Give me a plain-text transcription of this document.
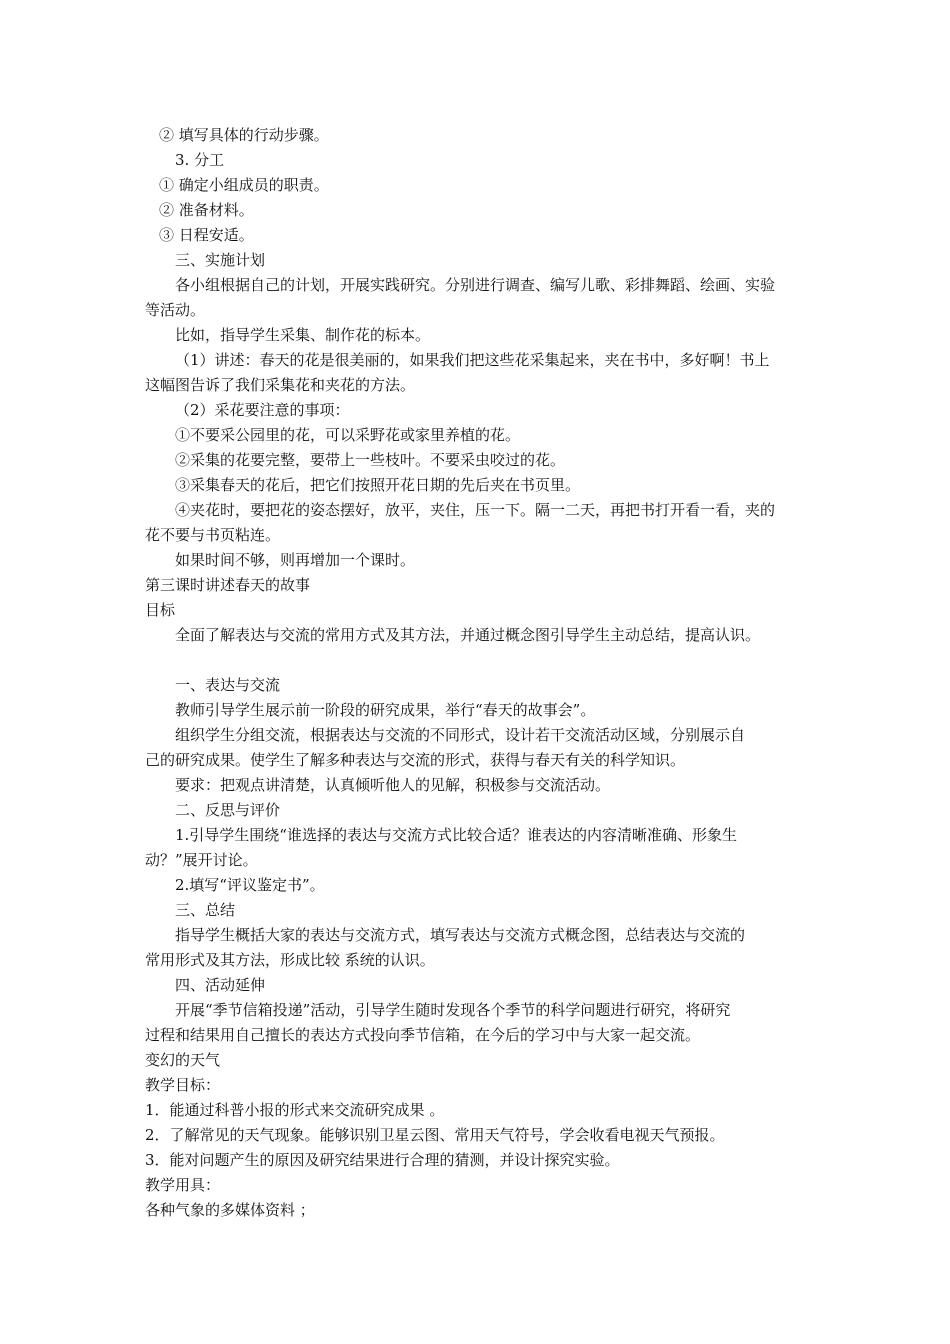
② 填写具体的行动步骤。
3. 分工
① 确定小组成员的职责。
② 准备材料。
③ 日程安适。
三、实施计划
各小组根据自己的计划，开展实践研究。分别进行调查、编写儿歌、彩排舞蹈、绘画、实验
等活动。
比如，指导学生采集、制作花的标本。
（1）讲述：春天的花是很美丽的，如果我们把这些花采集起来，夹在书中，多好啊！书上
这幅图告诉了我们采集花和夹花的方法。
（2）采花要注意的事项：
①不要采公园里的花，可以采野花或家里养植的花。
②采集的花要完整，要带上一些枝叶。不要采虫咬过的花。
③采集春天的花后，把它们按照开花日期的先后夹在书页里。
④夹花时，要把花的姿态摆好，放平，夹住，压一下。隔一二天，再把书打开看一看，夹的
花不要与书页粘连。
如果时间不够，则再增加一个课时。
第三课时讲述春天的故事
目标
全面了解表达与交流的常用方式及其方法，并通过概念图引导学生主动总结，提高认识。
一、表达与交流
教师引导学生展示前一阶段的研究成果，举行“春天的故事会”。
组织学生分组交流，根据表达与交流的不同形式，设计若干交流活动区域，分别展示自
己的研究成果。使学生了解多种表达与交流的形式，获得与春天有关的科学知识。
要求：把观点讲清楚，认真倾听他人的见解，积极参与交流活动。
二、反思与评价
1.引导学生围绕“谁选择的表达与交流方式比较合适？谁表达的内容清晰准确、形象生
动？”展开讨论。
2.填写“评议鉴定书”。
三、总结
指导学生概括大家的表达与交流方式，填写表达与交流方式概念图，总结表达与交流的
常用形式及其方法，形成比较 系统的认识。
四、活动延伸
开展“季节信箱投递”活动，引导学生随时发现各个季节的科学问题进行研究，将研究
过程和结果用自己擅长的表达方式投向季节信箱，在今后的学习中与大家一起交流。
变幻的天气
教学目标：
1．能通过科普小报的形式来交流研究成果 。
2．了解常见的天气现象。能够识别卫星云图、常用天气符号，学会收看电视天气预报。
3．能对问题产生的原因及研究结果进行合理的猜测，并设计探究实验。
教学用具：
各种气象的多媒体资料 ；
